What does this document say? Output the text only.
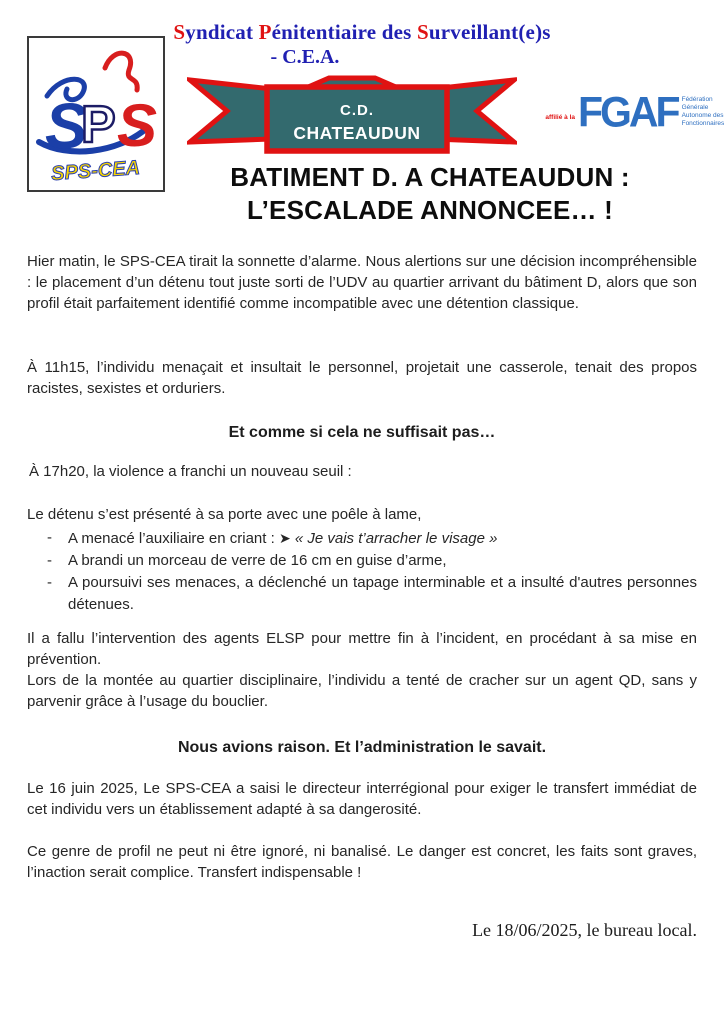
Syndicat Pénitentiaire des Surveillant(e)s
- C.E.A.
S
P S
SPS-CEA
C.D.
CHATEAUDUN
affilié à la FGAF Fédération
Générale
Autonome des
Fonctionnaires
BATIMENT D. A CHATEAUDUN :
L’ESCALADE ANNONCEE… !
Hier matin, le SPS-CEA tirait la sonnette d’alarme. Nous alertions sur une décision incompréhensible : le placement d’un détenu tout juste sorti de l’UDV au quartier arrivant du bâtiment D, alors que son profil était parfaitement identifié comme incompatible avec une détention classique.
À 11h15, l’individu menaçait et insultait le personnel, projetait une casserole, tenait des propos racistes, sexistes et orduriers.
Et comme si cela ne suffisait pas…
À 17h20, la violence a franchi un nouveau seuil :
Le détenu s’est présenté à sa porte avec une poêle à lame,
- A menacé l’auxiliaire en criant : ➤ « Je vais t’arracher le visage »
- A brandi un morceau de verre de 16 cm en guise d’arme,
- A poursuivi ses menaces, a déclenché un tapage interminable et a insulté d'autres personnes détenues.
Il a fallu l’intervention des agents ELSP pour mettre fin à l’incident, en procédant à sa mise en prévention.
Lors de la montée au quartier disciplinaire, l’individu a tenté de cracher sur un agent QD, sans y parvenir grâce à l’usage du bouclier.
Nous avions raison. Et l’administration le savait.
Le 16 juin 2025, Le SPS-CEA a saisi le directeur interrégional pour exiger le transfert immédiat de cet individu vers un établissement adapté à sa dangerosité.
Ce genre de profil ne peut ni être ignoré, ni banalisé. Le danger est concret, les faits sont graves, l’inaction serait complice. Transfert indispensable !
Le 18/06/2025, le bureau local.
